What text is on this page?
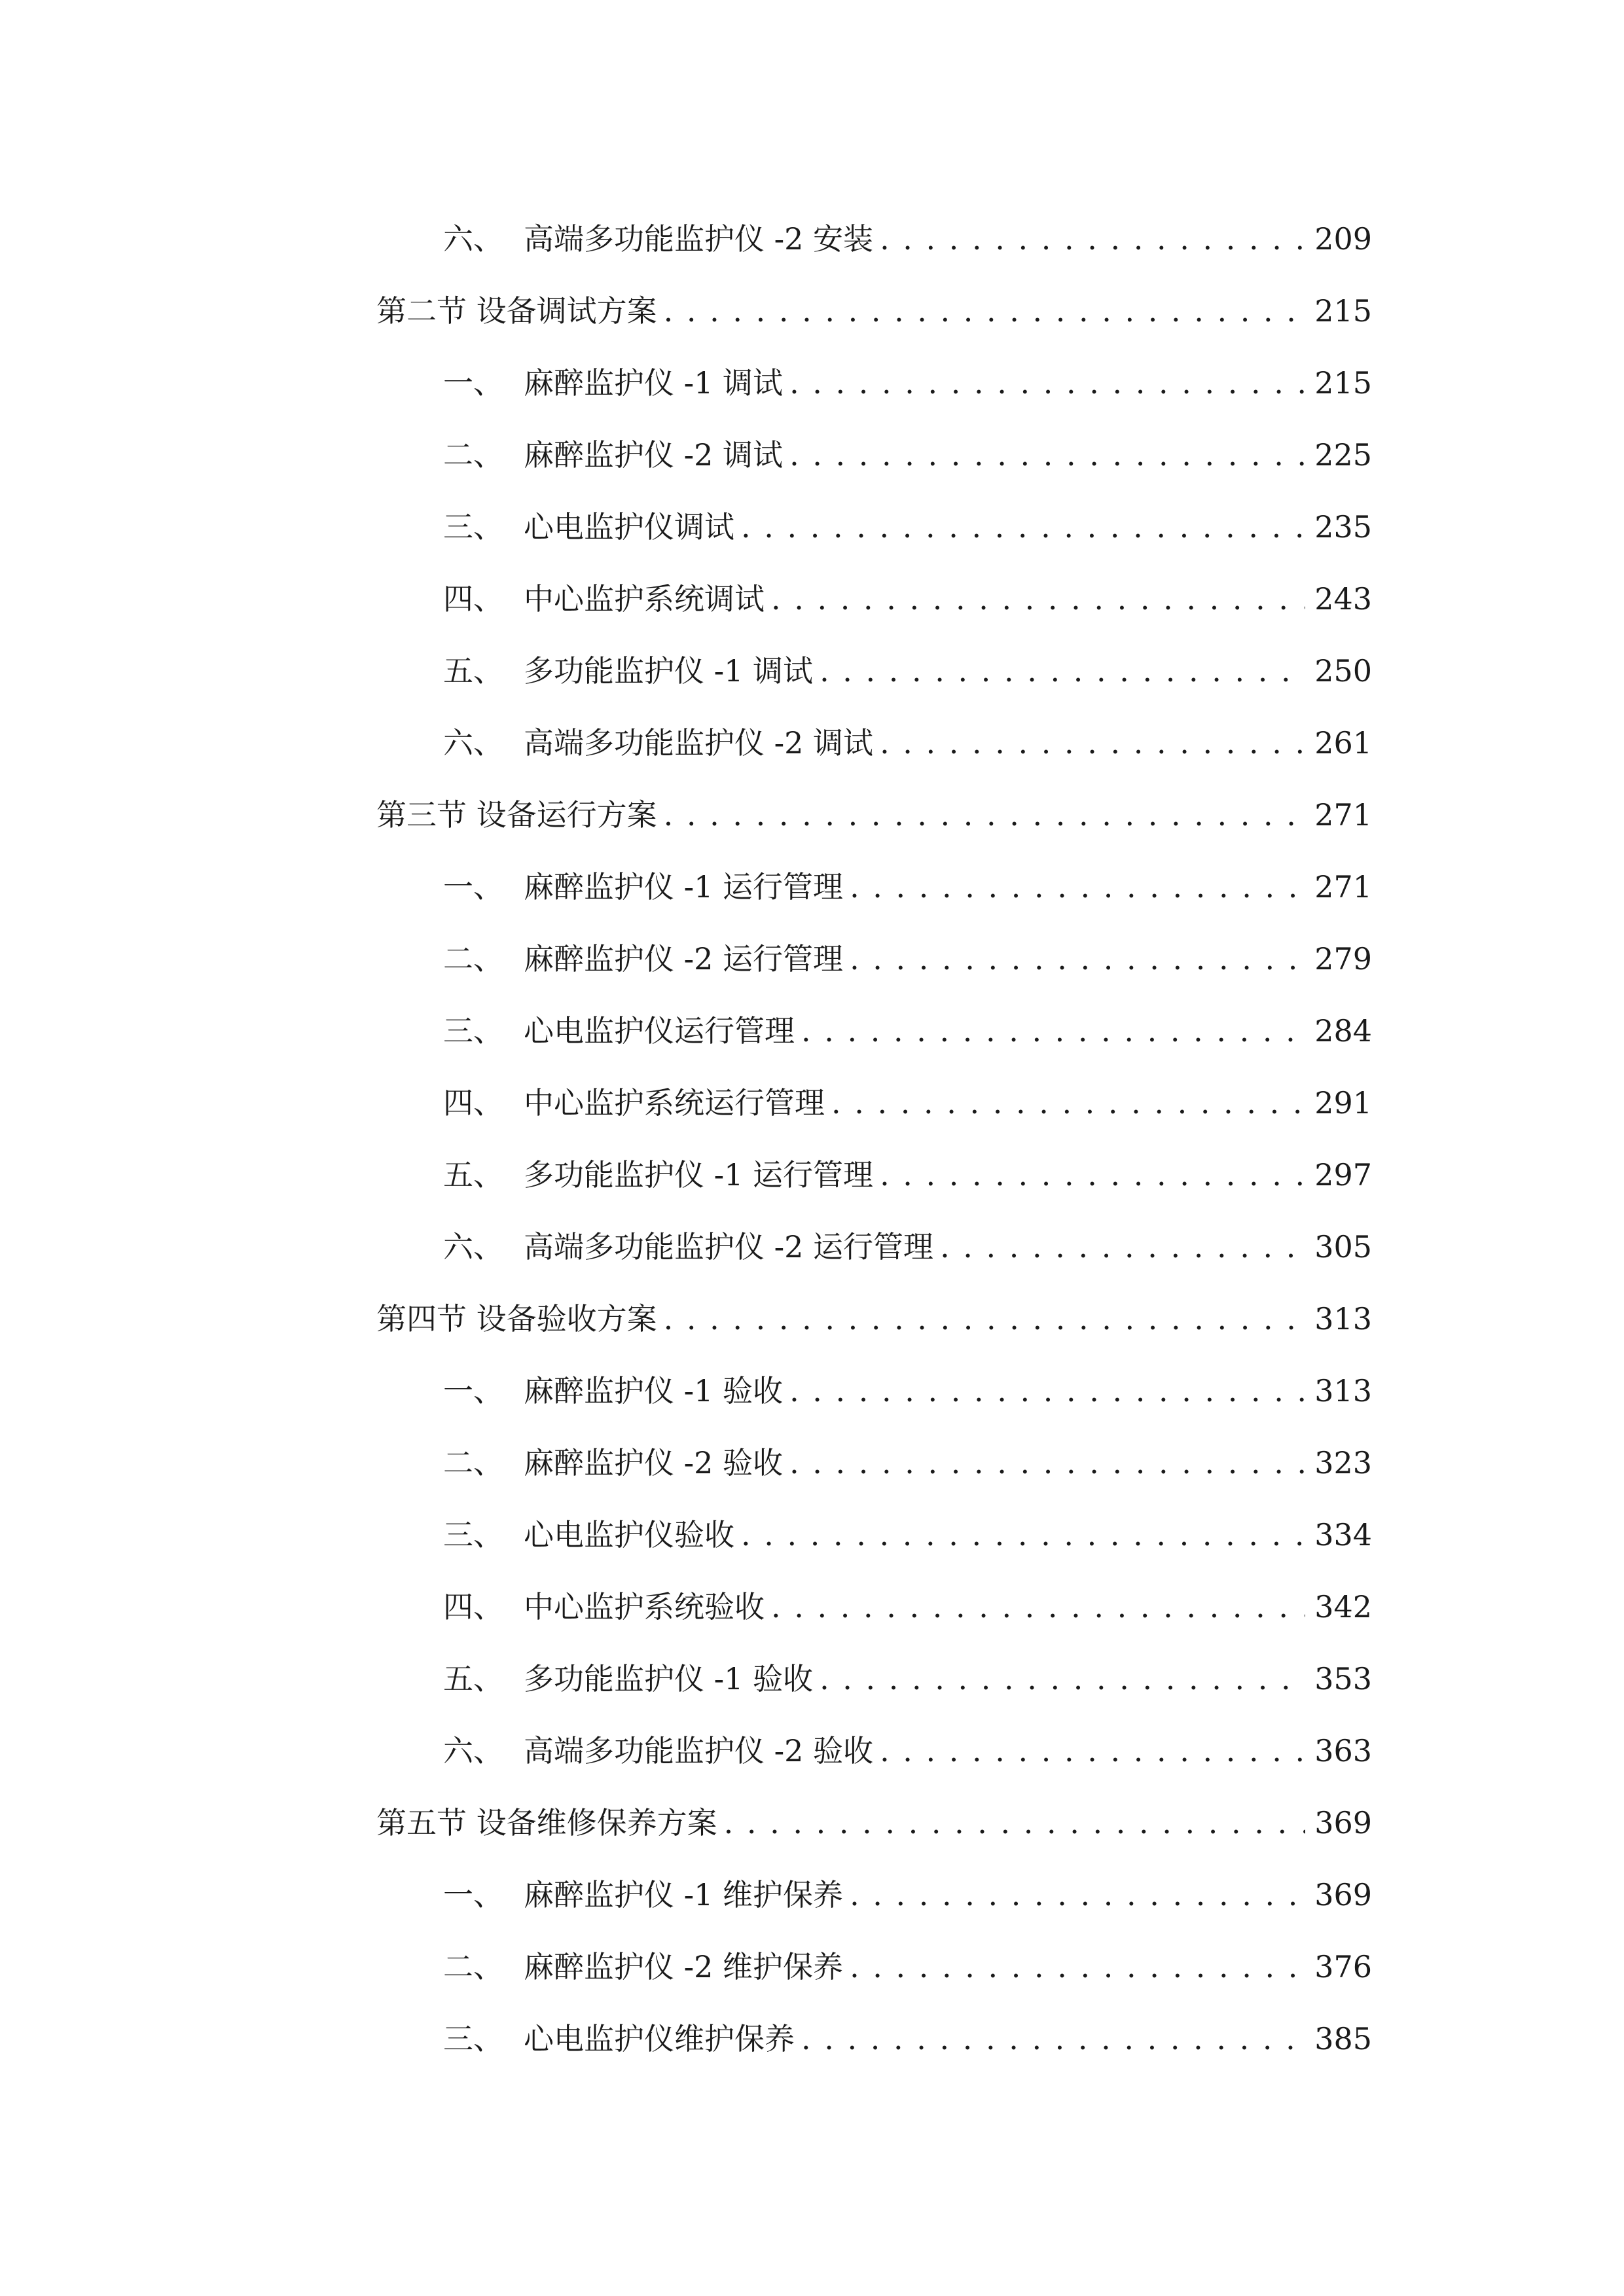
六、 高端多功能监护仪 -2 安装 . . .	209
第二节 设备调试方案 . . .	215
一、 麻醉监护仪 -1 调试 . . .	215
二、 麻醉监护仪 -2 调试 . . .	225
三、 心电监护仪调试 . . .	235
四、 中心监护系统调试 . . .	243
五、 多功能监护仪 -1 调试 . . .	250
六、 高端多功能监护仪 -2 调试 . . .	261
第三节 设备运行方案 . . .	271
一、 麻醉监护仪 -1 运行管理 . . .	271
二、 麻醉监护仪 -2 运行管理 . . .	279
三、 心电监护仪运行管理 . . .	284
四、 中心监护系统运行管理 . . .	291
五、 多功能监护仪 -1 运行管理 . . .	297
六、 高端多功能监护仪 -2 运行管理 . . .	305
第四节 设备验收方案 . . .	313
一、 麻醉监护仪 -1 验收 . . .	313
二、 麻醉监护仪 -2 验收 . . .	323
三、 心电监护仪验收 . . .	334
四、 中心监护系统验收 . . .	342
五、 多功能监护仪 -1 验收 . . .	353
六、 高端多功能监护仪 -2 验收 . . .	363
第五节 设备维修保养方案 . . .	369
一、 麻醉监护仪 -1 维护保养 . . .	369
二、 麻醉监护仪 -2 维护保养 . . .	376
三、 心电监护仪维护保养 . . .	385
